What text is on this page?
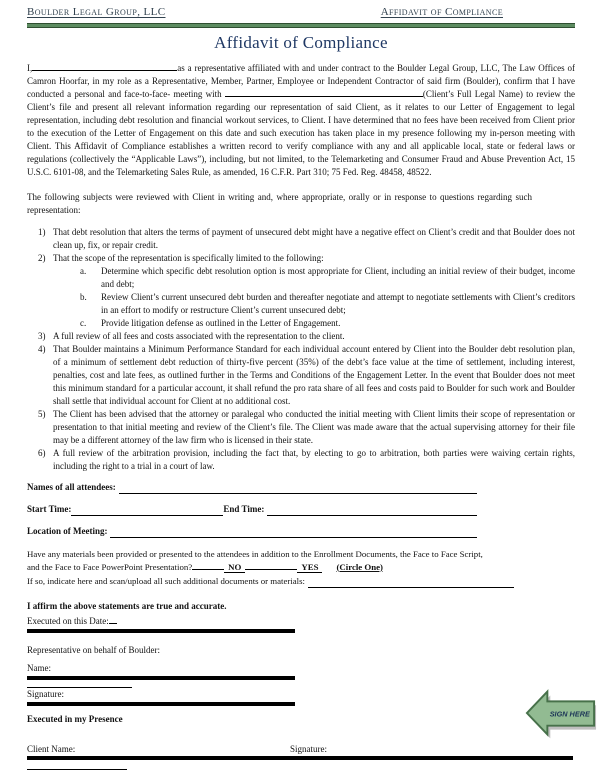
Boulder Legal Group, LLC	Affidavit of Compliance
Affidavit of Compliance

I,	as a representative affiliated with and under contract to the Boulder Legal Group, LLC, The Law Offices of Camron Hoorfar, in my role as a Representative, Member, Partner, Employee or Independent Contractor of said firm (Boulder), confirm that I have conducted a personal and face-to-face- meeting with	(Client’s Full Legal Name) to review the Client’s file and present all relevant information regarding our representation of said Client, as it relates to our Letter of Engagement to legal representation, including debt resolution and financial workout services, to Client. I have determined that no fees have been received from Client prior to the execution of the Letter of Engagement on this date and such execution has taken place in my presence following my in-person meeting with Client. This Affidavit of Compliance establishes a written record to verify compliance with any and all applicable local, state or federal laws or regulations (collectively the “Applicable Laws”), including, but not limited, to the Telemarketing and Consumer Fraud and Abuse Prevention Act, 15 U.S.C. 6101-08, and the Telemarketing Sales Rule, as amended, 16 C.F.R. Part 310; 75 Fed. Reg. 48458, 48522.

The following subjects were reviewed with Client in writing and, where appropriate, orally or in response to questions regarding such representation:

1) That debt resolution that alters the terms of payment of unsecured debt might have a negative effect on Client’s credit and that Boulder does not clean up, fix, or repair credit.
2) That the scope of the representation is specifically limited to the following:
a.	Determine which specific debt resolution option is most appropriate for Client, including an initial review of their budget, income and debt;
b.	Review Client’s current unsecured debt burden and thereafter negotiate and attempt to negotiate settlements with Client’s creditors in an effort to modify or restructure Client’s current unsecured debt;
c.	Provide litigation defense as outlined in the Letter of Engagement.
3) A full review of all fees and costs associated with the representation to the client.
4) That Boulder maintains a Minimum Performance Standard for each individual account entered by Client into the Boulder debt resolution plan, of a minimum of settlement debt reduction of thirty-five percent (35%) of the debt’s face value at the time of settlement, including interest, penalties, cost and late fees, as outlined further in the Terms and Conditions of the Engagement Letter. In the event that Boulder does not meet this minimum standard for a particular account, it shall refund the pro rata share of all fees and costs paid to Boulder for such work and Boulder shall settle that individual account for Client at no additional cost.
5) The Client has been advised that the attorney or paralegal who conducted the initial meeting with Client limits their scope of representation or presentation to that initial meeting and review of the Client’s file. The Client was made aware that the actual supervising attorney for their file may be a different attorney of the law firm who is licensed in their state.
6) A full review of the arbitration provision, including the fact that, by electing to go to arbitration, both parties were waiving certain rights, including the right to a trial in a court of law.
Names of all attendees:
Start Time:	End Time:
Location of Meeting:
Have any materials been provided or presented to the attendees in addition to the Enrollment Documents, the Face to Face Script, and the Face to Face PowerPoint Presentation?	NO	YES (Circle One)
If so, indicate here and scan/upload all such additional documents or materials:
I affirm the above statements are true and accurate.
Executed on this Date:
Representative on behalf of Boulder:
Name:
Signature:
Executed in my Presence
Client Name:	Signature:
SIGN HERE
